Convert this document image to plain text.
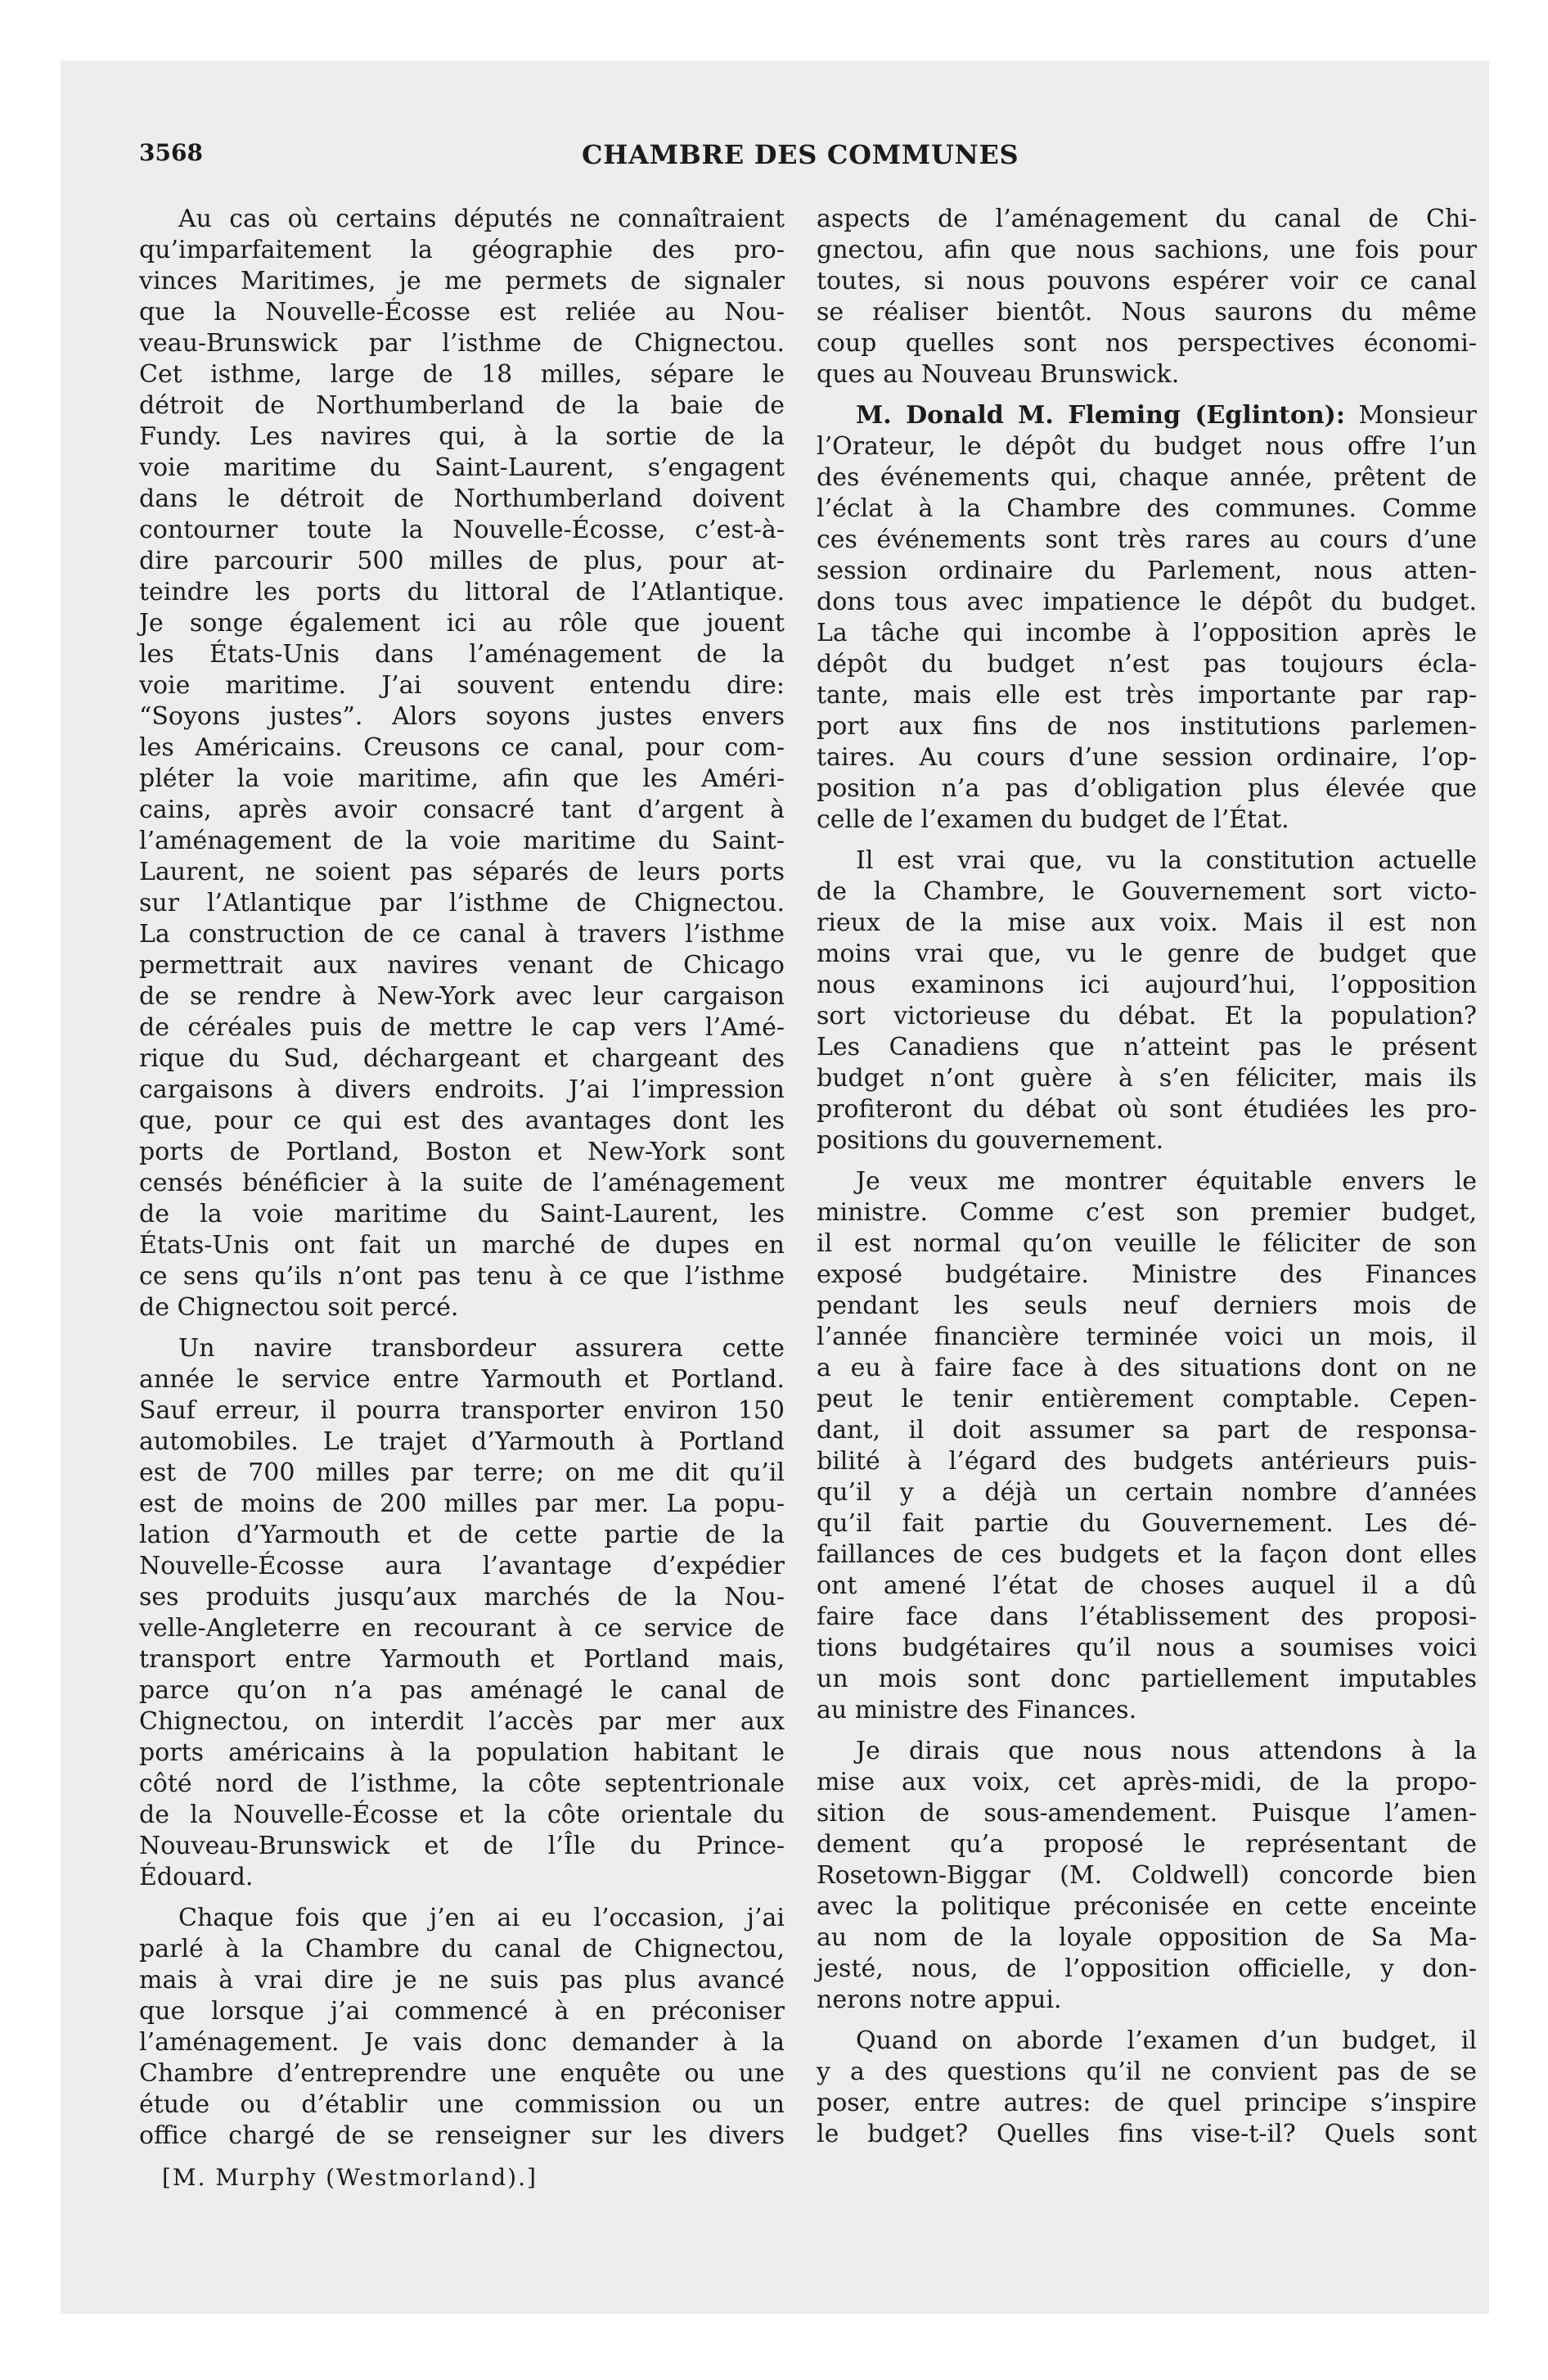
3568	CHAMBRE DES COMMUNES
Au cas où certains députés ne connaîtraient
qu’imparfaitement la géographie des pro-
vinces Maritimes, je me permets de signaler
que la Nouvelle-Écosse est reliée au Nou-
veau-Brunswick par l’isthme de Chignectou.
Cet isthme, large de 18 milles, sépare le
détroit de Northumberland de la baie de
Fundy. Les navires qui, à la sortie de la
voie maritime du Saint-Laurent, s’engagent
dans le détroit de Northumberland doivent
contourner toute la Nouvelle-Écosse, c’est-à-
dire parcourir 500 milles de plus, pour at-
teindre les ports du littoral de l’Atlantique.
Je songe également ici au rôle que jouent
les États-Unis dans l’aménagement de la
voie maritime. J’ai souvent entendu dire:
“Soyons justes”. Alors soyons justes envers
les Américains. Creusons ce canal, pour com-
pléter la voie maritime, afin que les Améri-
cains, après avoir consacré tant d’argent à
l’aménagement de la voie maritime du Saint-
Laurent, ne soient pas séparés de leurs ports
sur l’Atlantique par l’isthme de Chignectou.
La construction de ce canal à travers l’isthme
permettrait aux navires venant de Chicago
de se rendre à New-York avec leur cargaison
de céréales puis de mettre le cap vers l’Amé-
rique du Sud, déchargeant et chargeant des
cargaisons à divers endroits. J’ai l’impression
que, pour ce qui est des avantages dont les
ports de Portland, Boston et New-York sont
censés bénéficier à la suite de l’aménagement
de la voie maritime du Saint-Laurent, les
États-Unis ont fait un marché de dupes en
ce sens qu’ils n’ont pas tenu à ce que l’isthme
de Chignectou soit percé.
Un navire transbordeur assurera cette
année le service entre Yarmouth et Portland.
Sauf erreur, il pourra transporter environ 150
automobiles. Le trajet d’Yarmouth à Portland
est de 700 milles par terre; on me dit qu’il
est de moins de 200 milles par mer. La popu-
lation d’Yarmouth et de cette partie de la
Nouvelle-Écosse aura l’avantage d’expédier
ses produits jusqu’aux marchés de la Nou-
velle-Angleterre en recourant à ce service de
transport entre Yarmouth et Portland mais,
parce qu’on n’a pas aménagé le canal de
Chignectou, on interdit l’accès par mer aux
ports américains à la population habitant le
côté nord de l’isthme, la côte septentrionale
de la Nouvelle-Écosse et la côte orientale du
Nouveau-Brunswick et de l’Île du Prince-
Édouard.
Chaque fois que j’en ai eu l’occasion, j’ai
parlé à la Chambre du canal de Chignectou,
mais à vrai dire je ne suis pas plus avancé
que lorsque j’ai commencé à en préconiser
l’aménagement. Je vais donc demander à la
Chambre d’entreprendre une enquête ou une
étude ou d’établir une commission ou un
office chargé de se renseigner sur les divers
aspects de l’aménagement du canal de Chi-
gnectou, afin que nous sachions, une fois pour
toutes, si nous pouvons espérer voir ce canal
se réaliser bientôt. Nous saurons du même
coup quelles sont nos perspectives économi-
ques au Nouveau Brunswick.
M. Donald M. Fleming (Eglinton): Monsieur
l’Orateur, le dépôt du budget nous offre l’un
des événements qui, chaque année, prêtent de
l’éclat à la Chambre des communes. Comme
ces événements sont très rares au cours d’une
session ordinaire du Parlement, nous atten-
dons tous avec impatience le dépôt du budget.
La tâche qui incombe à l’opposition après le
dépôt du budget n’est pas toujours écla-
tante, mais elle est très importante par rap-
port aux fins de nos institutions parlemen-
taires. Au cours d’une session ordinaire, l’op-
position n’a pas d’obligation plus élevée que
celle de l’examen du budget de l’État.
Il est vrai que, vu la constitution actuelle
de la Chambre, le Gouvernement sort victo-
rieux de la mise aux voix. Mais il est non
moins vrai que, vu le genre de budget que
nous examinons ici aujourd’hui, l’opposition
sort victorieuse du débat. Et la population?
Les Canadiens que n’atteint pas le présent
budget n’ont guère à s’en féliciter, mais ils
profiteront du débat où sont étudiées les pro-
positions du gouvernement.
Je veux me montrer équitable envers le
ministre. Comme c’est son premier budget,
il est normal qu’on veuille le féliciter de son
exposé budgétaire. Ministre des Finances
pendant les seuls neuf derniers mois de
l’année financière terminée voici un mois, il
a eu à faire face à des situations dont on ne
peut le tenir entièrement comptable. Cepen-
dant, il doit assumer sa part de responsa-
bilité à l’égard des budgets antérieurs puis-
qu’il y a déjà un certain nombre d’années
qu’il fait partie du Gouvernement. Les dé-
faillances de ces budgets et la façon dont elles
ont amené l’état de choses auquel il a dû
faire face dans l’établissement des proposi-
tions budgétaires qu’il nous a soumises voici
un mois sont donc partiellement imputables
au ministre des Finances.
Je dirais que nous nous attendons à la
mise aux voix, cet après-midi, de la propo-
sition de sous-amendement. Puisque l’amen-
dement qu’a proposé le représentant de
Rosetown-Biggar (M. Coldwell) concorde bien
avec la politique préconisée en cette enceinte
au nom de la loyale opposition de Sa Ma-
jesté, nous, de l’opposition officielle, y don-
nerons notre appui.
Quand on aborde l’examen d’un budget, il
y a des questions qu’il ne convient pas de se
poser, entre autres: de quel principe s’inspire
le budget? Quelles fins vise-t-il? Quels sont
[M. Murphy (Westmorland).]
